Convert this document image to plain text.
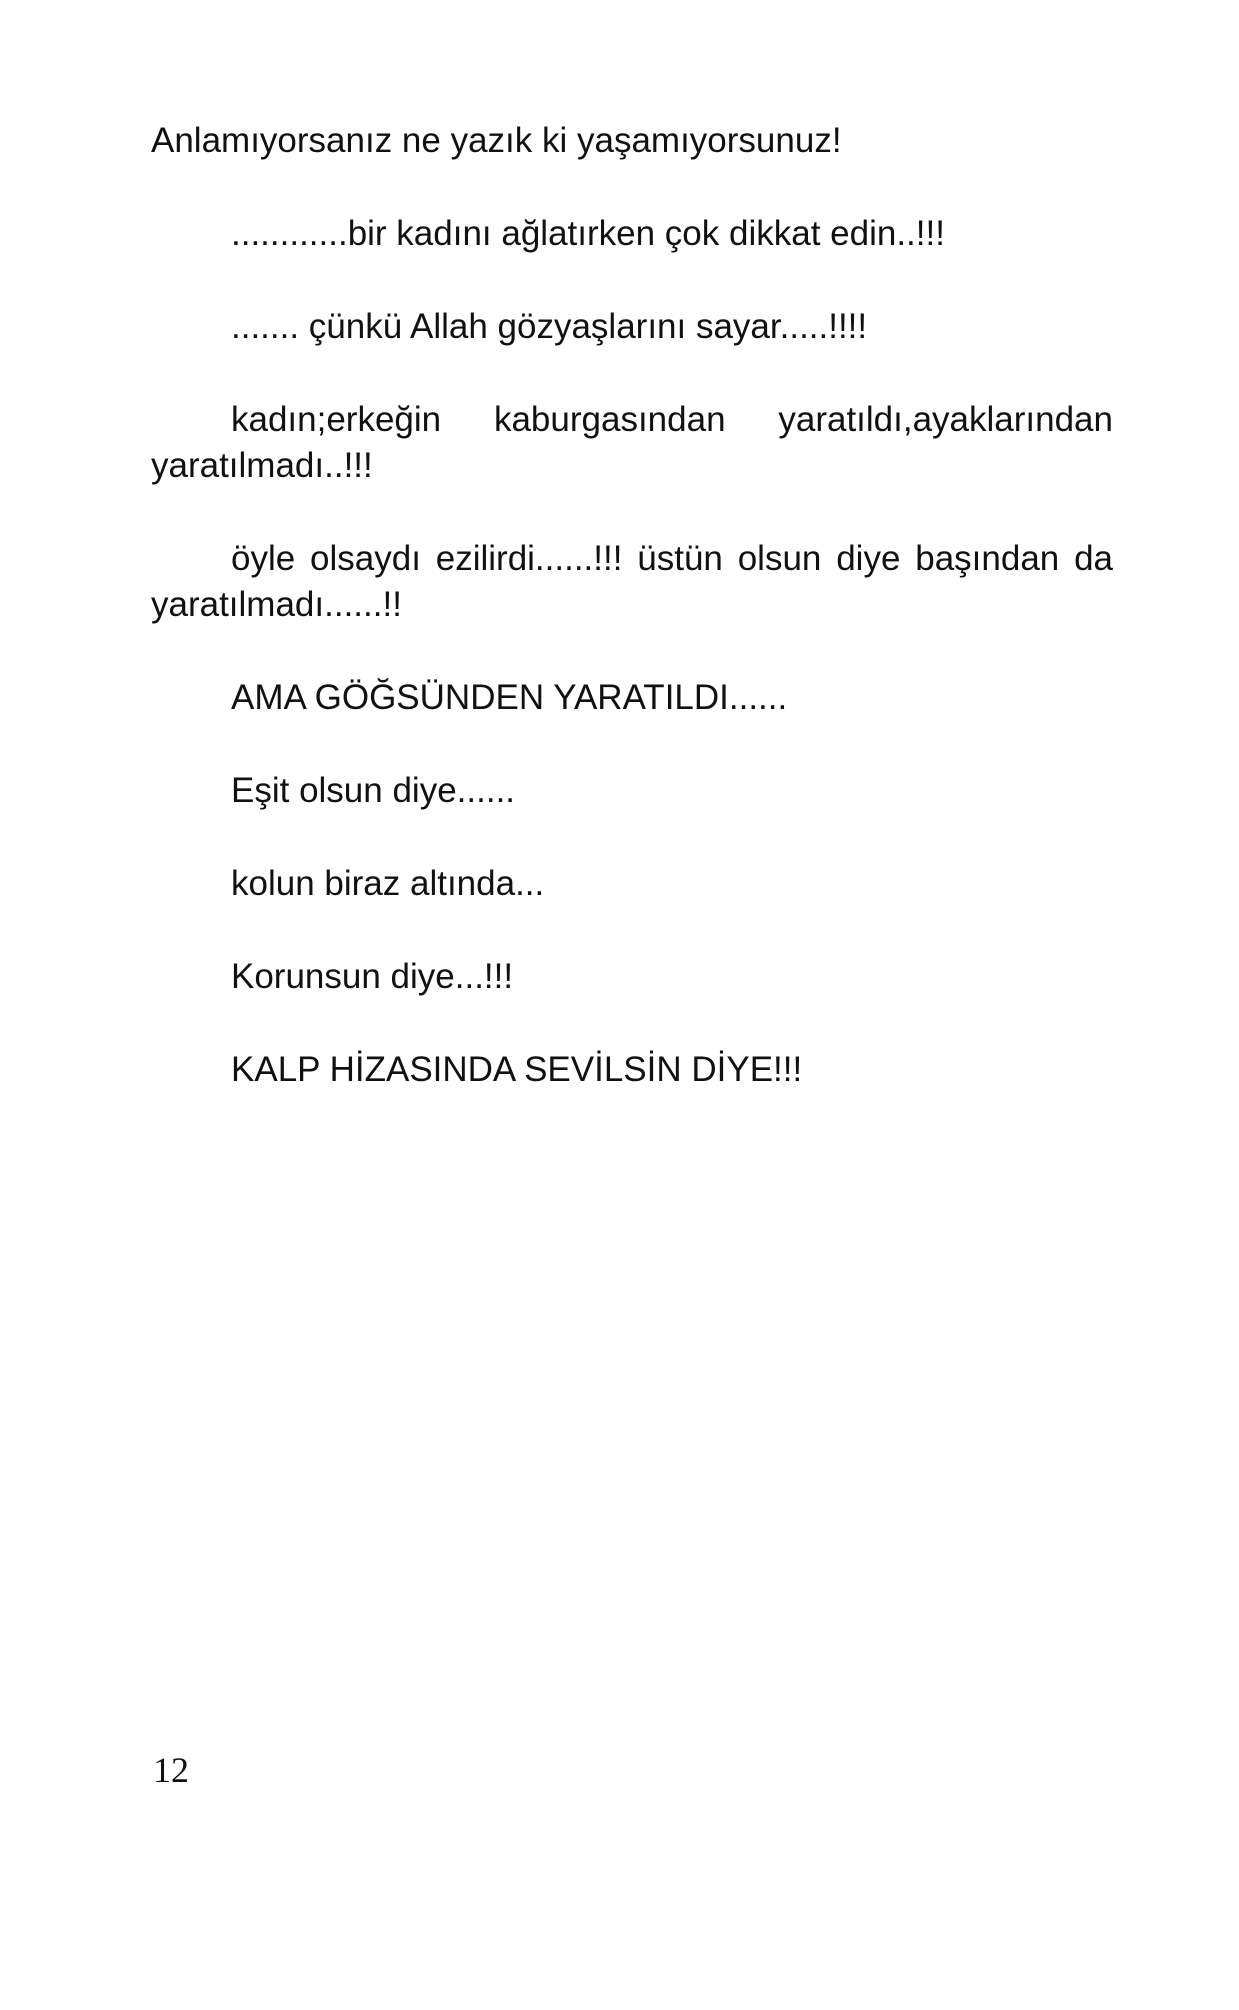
Anlamıyorsanız ne yazık ki yaşamıyorsunuz!

............bir kadını ağlatırken çok dikkat edin..!!!

....... çünkü Allah gözyaşlarını sayar.....!!!!

kadın;erkeğin kaburgasından yaratıldı,ayaklarından yaratılmadı..!!!

öyle olsaydı ezilirdi......!!! üstün olsun diye başından da yaratılmadı......!!

AMA GÖĞSÜNDEN YARATILDI......

Eşit olsun diye......

kolun biraz altında...

Korunsun diye...!!!

KALP HİZASINDA SEVİLSİN DİYE!!!

12
